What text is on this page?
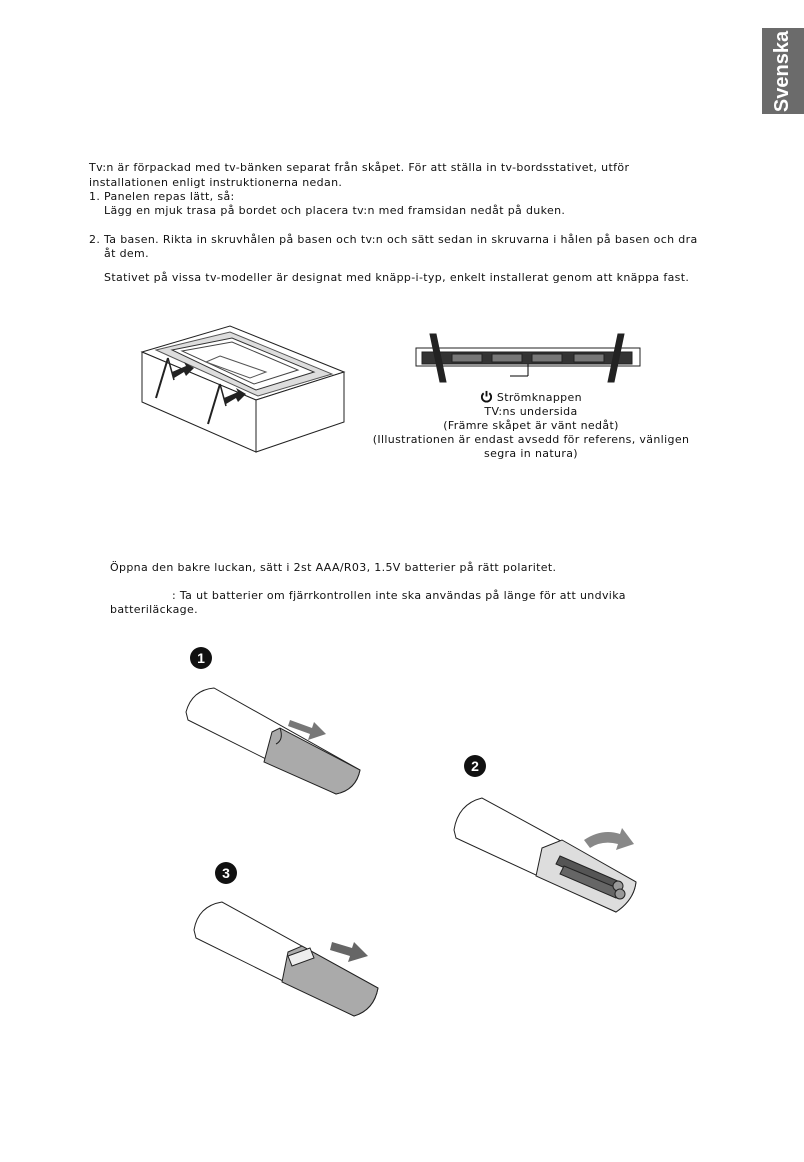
Svenska
Tv:n är förpackad med tv-bänken separat från skåpet. För att ställa in tv-bordsstativet, utför
installationen enligt instruktionerna nedan.
1. Panelen repas lätt, så:
Lägg en mjuk trasa på bordet och placera tv:n med framsidan nedåt på duken.
2. Ta basen. Rikta in skruvhålen på basen och tv:n och sätt sedan in skruvarna i hålen på basen och dra
åt dem.
Stativet på vissa tv-modeller är designat med knäpp-i-typ, enkelt installerat genom att knäppa fast.
Strömknappen
TV:ns undersida
(Främre skåpet är vänt nedåt)
(Illustrationen är endast avsedd för referens, vänligen
segra in natura)
Öppna den bakre luckan, sätt i 2st AAA/R03, 1.5V batterier på rätt polaritet.
: Ta ut batterier om fjärrkontrollen inte ska användas på länge för att undvika
batteriläckage.
1
2
3
